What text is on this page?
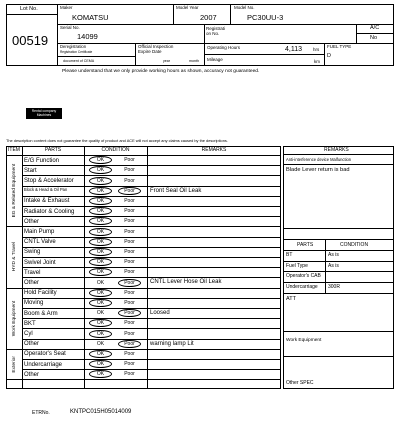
Lot No.
00519
Maker
KOMATSU
Model Year
2007
Model No.
PC30UU-3
Serial No.
14099
Registrati
on No.
A/C
No
Deregistration
Registration Certificate
document of CEMA
Official Inspection
Expire Date
year	month
Operating Hours	4,113 hrs
Mileage	km
FUEL TYPE
D
Please understand that we only provide working hours as shown, accuracy not guaranteed.
Rental company
Machines
The description content does not guarantee the quality of product and ACE will not accept any claims caused by the descriptions.
REMARKS
Anti-interference device Malfunction
Blade Lever return is bad
PARTS	CONDITION
ATT
Work Equipment
Other SPEC
ETRNo.	KNTPC015H05014009
ITEM	PARTS	CONDITION	REMARKS
E/G Function	OK	Poor
Start	OK	Poor
Stop & Accelerator	OK	Poor
Block & Head & Oil Pan	OK	Poor	Front Seal Oil Leak
Intake & Exhaust	OK	Poor
Radiator & Cooling	OK	Poor
Other	OK	Poor
EG & Related Equipment
Main Pump	OK	Poor
CNTL Valve	OK	Poor
Swing	OK	Poor
Swivel Joint	OK	Poor
Travel	OK	Poor
Other	OK	Poor	CNTL Lever Hose Oil Leak
HYD & Travel
Hold Facility	OK	Poor
Moving	OK	Poor
Boom & Arm	OK	Poor	Loosed
BKT	OK	Poor
Cyl	OK	Poor
Other	OK	Poor	warning lamp Lit
Work Equipment
Operator's Seat	OK	Poor
Undercarriage	OK	Poor
Other	OK	Poor
Exterior
BT	As is
Fuel Type	As is
Operator's CAB
Undercarriage 300R
